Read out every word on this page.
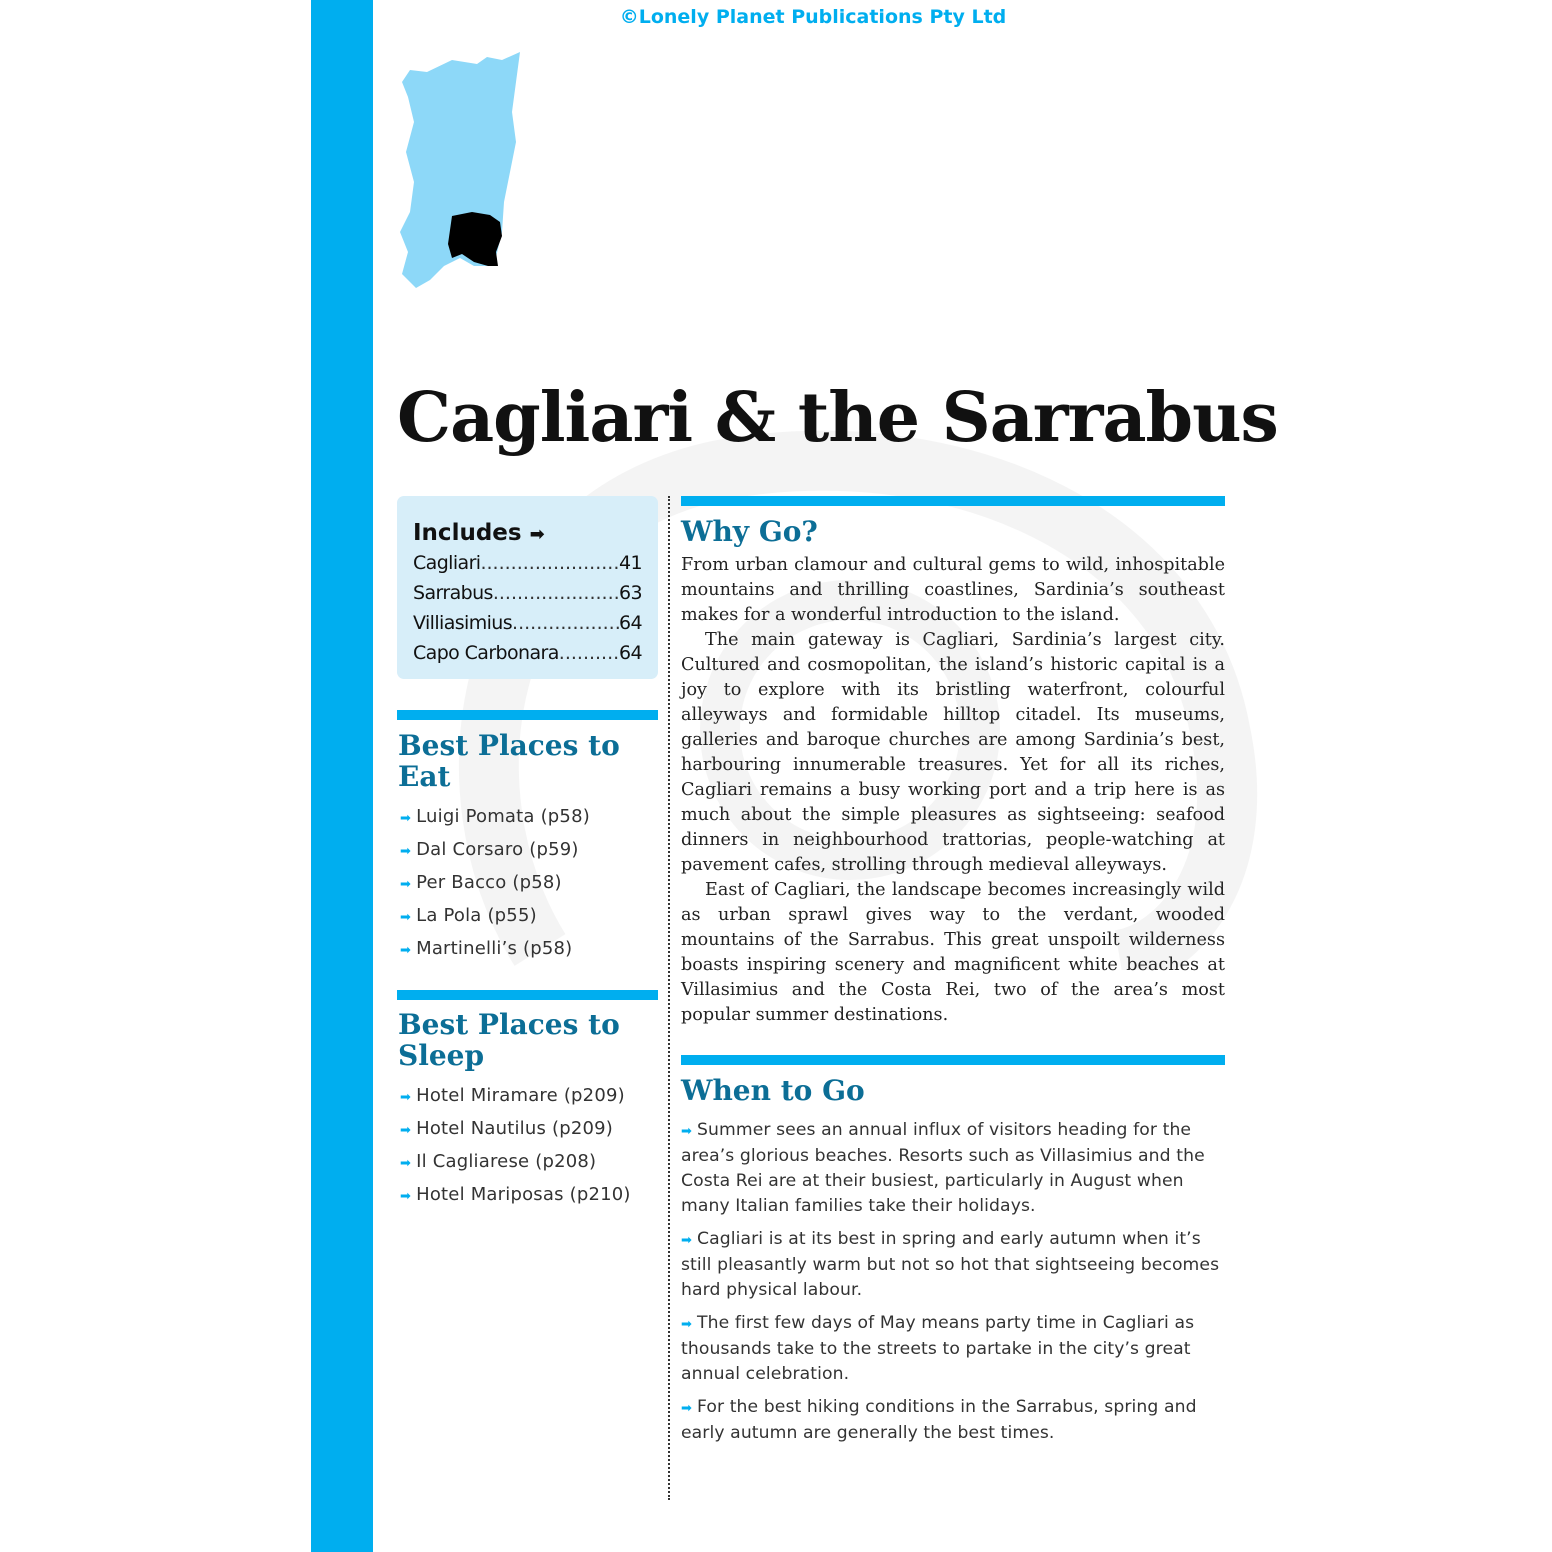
©Lonely Planet Publications Pty Ltd
Cagliari & the Sarrabus
Includes ➡
Cagliari .....	41
Sarrabus .....	63
Villiasimius .....	64
Capo Carbonara .....	64
Best Places to Eat
➡ Luigi Pomata (p58)
➡ Dal Corsaro (p59)
➡ Per Bacco (p58)
➡ La Pola (p55)
➡ Martinelli’s (p58)
Best Places to Sleep
➡ Hotel Miramare (p209)
➡ Hotel Nautilus (p209)
➡ Il Cagliarese (p208)
➡ Hotel Mariposas (p210)
Why Go?

From urban clamour and cultural gems to wild, inhospitable mountains and thrilling coastlines, Sardinia’s southeast makes for a wonderful introduction to the island.

The main gateway is Cagliari, Sardinia’s largest city. Cultured and cosmopolitan, the island’s historic capital is a joy to explore with its bristling waterfront, colourful alleyways and formidable hilltop citadel. Its museums, galleries and baroque churches are among Sardinia’s best, harbouring innumerable treasures. Yet for all its riches, Cagliari remains a busy working port and a trip here is as much about the simple pleasures as sightseeing: seafood dinners in neighbourhood trattorias, people-watching at pavement cafes, strolling through medieval alleyways.

East of Cagliari, the landscape becomes increasingly wild as urban sprawl gives way to the verdant, wooded mountains of the Sarrabus. This great unspoilt wilderness boasts inspiring scenery and magnificent white beaches at Villasimius and the Costa Rei, two of the area’s most popular summer destinations.

When to Go

➡ Summer sees an annual influx of visitors heading for the area’s glorious beaches. Resorts such as Villasimius and the Costa Rei are at their busiest, particularly in August when many Italian families take their holidays.

➡ Cagliari is at its best in spring and early autumn when it’s still pleasantly warm but not so hot that sightseeing becomes hard physical labour.

➡ The first few days of May means party time in Cagliari as thousands take to the streets to partake in the city’s great annual celebration.

➡ For the best hiking conditions in the Sarrabus, spring and early autumn are generally the best times.
